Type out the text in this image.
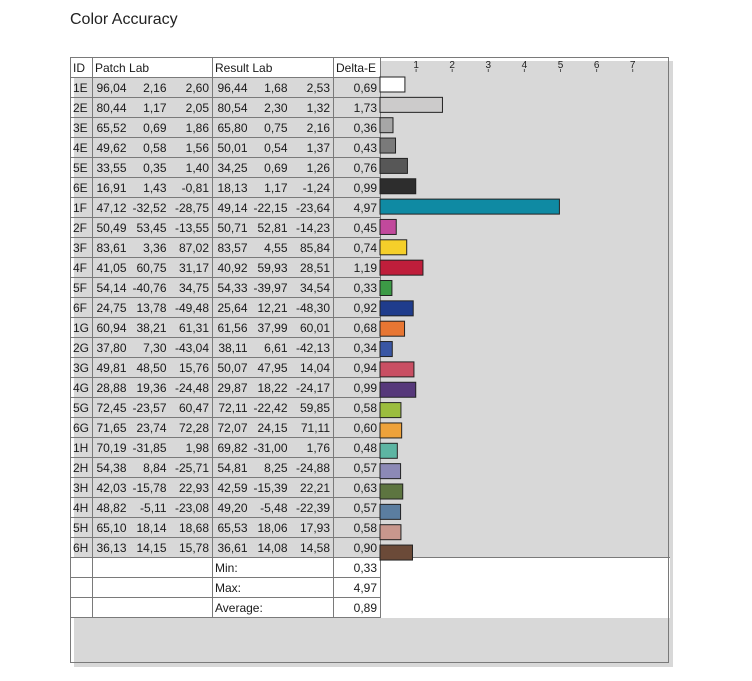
Color Accuracy
ID	Patch Lab			Result Lab			Delta-E	
1E	96,04	2,16	2,60	96,44	1,68	2,53	0,69	
2E	80,44	1,17	2,05	80,54	2,30	1,32	1,73	
3E	65,52	0,69	1,86	65,80	0,75	2,16	0,36	
4E	49,62	0,58	1,56	50,01	0,54	1,37	0,43	
5E	33,55	0,35	1,40	34,25	0,69	1,26	0,76	
6E	16,91	1,43	-0,81	18,13	1,17	-1,24	0,99	
1F	47,12	-32,52	-28,75	49,14	-22,15	-23,64	4,97	
2F	50,49	53,45	-13,55	50,71	52,81	-14,23	0,45	
3F	83,61	3,36	87,02	83,57	4,55	85,84	0,74	
4F	41,05	60,75	31,17	40,92	59,93	28,51	1,19	
5F	54,14	-40,76	34,75	54,33	-39,97	34,54	0,33	
6F	24,75	13,78	-49,48	25,64	12,21	-48,30	0,92	
1G	60,94	38,21	61,31	61,56	37,99	60,01	0,68	
2G	37,80	7,30	-43,04	38,11	6,61	-42,13	0,34	
3G	49,81	48,50	15,76	50,07	47,95	14,04	0,94	
4G	28,88	19,36	-24,48	29,87	18,22	-24,17	0,99	
5G	72,45	-23,57	60,47	72,11	-22,42	59,85	0,58	
6G	71,65	23,74	72,28	72,07	24,15	71,11	0,60	
1H	70,19	-31,85	1,98	69,82	-31,00	1,76	0,48	
2H	54,38	8,84	-25,71	54,81	8,25	-24,88	0,57	
3H	42,03	-15,78	22,93	42,59	-15,39	22,21	0,63	
4H	48,82	-5,11	-23,08	49,20	-5,48	-22,39	0,57	
5H	65,10	18,14	18,68	65,53	18,06	17,93	0,58	
6H	36,13	14,15	15,78	36,61	14,08	14,58	0,90	
				Min:			0,33	
				Max:			4,97	
				Average:			0,89	
1	2	3	4	5	6	7
